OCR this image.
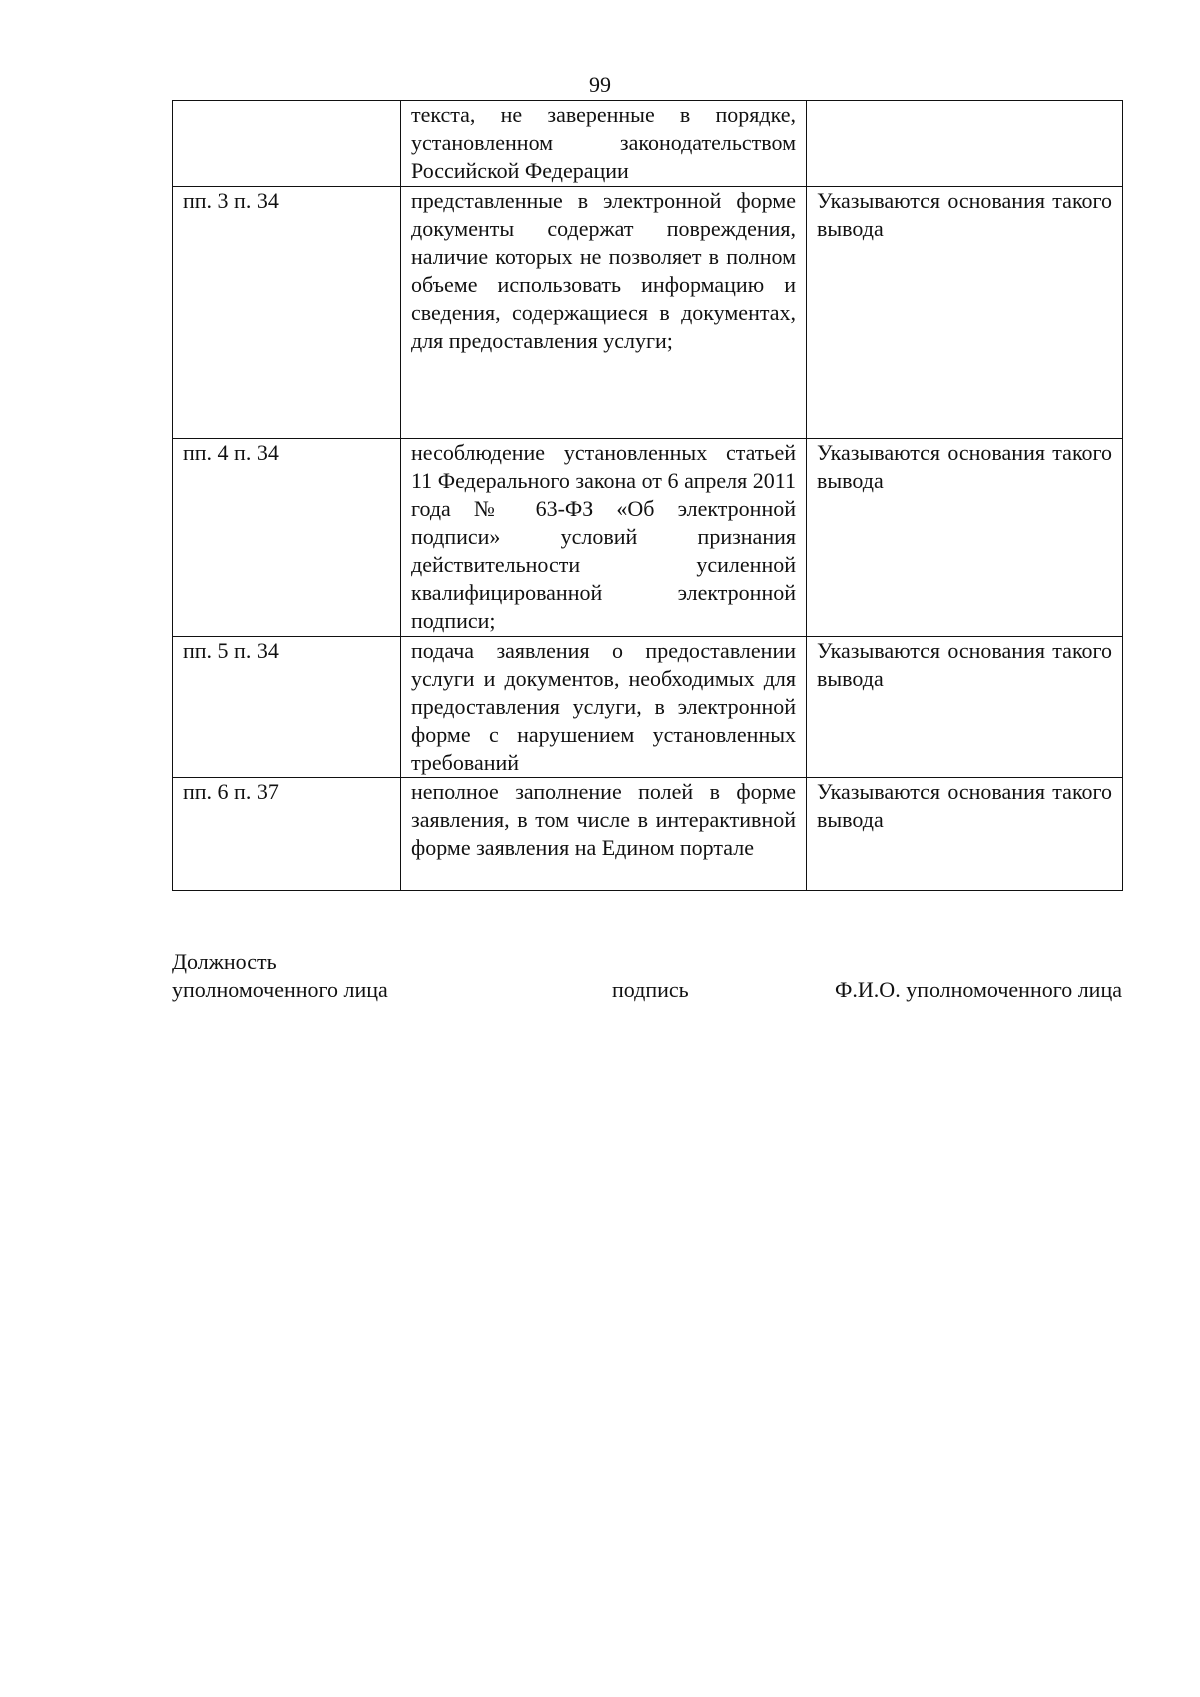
99
	текста, не заверенные в порядке, установленном законодательством Российской Федерации	
пп. 3 п. 34	представленные в электронной форме документы содержат повреждения, наличие которых не позволяет в полном объеме использовать информацию и сведения, содержащиеся в документах, для предоставления услуги;	Указываются основания такого вывода
пп. 4 п. 34	несоблюдение установленных статьей 11 Федерального закона от 6 апреля 2011 года № 63-ФЗ «Об электронной подписи» условий признания действительности усиленной квалифицированной электронной подписи;	Указываются основания такого вывода
пп. 5 п. 34	подача заявления о предоставлении услуги и документов, необходимых для предоставления услуги, в электронной форме с нарушением установленных требований	Указываются основания такого вывода
пп. 6 п. 37	неполное заполнение полей в форме заявления, в том числе в интерактивной форме заявления на Едином портале	Указываются основания такого вывода
Должность
уполномоченного лица	подпись	Ф.И.О. уполномоченного лица
